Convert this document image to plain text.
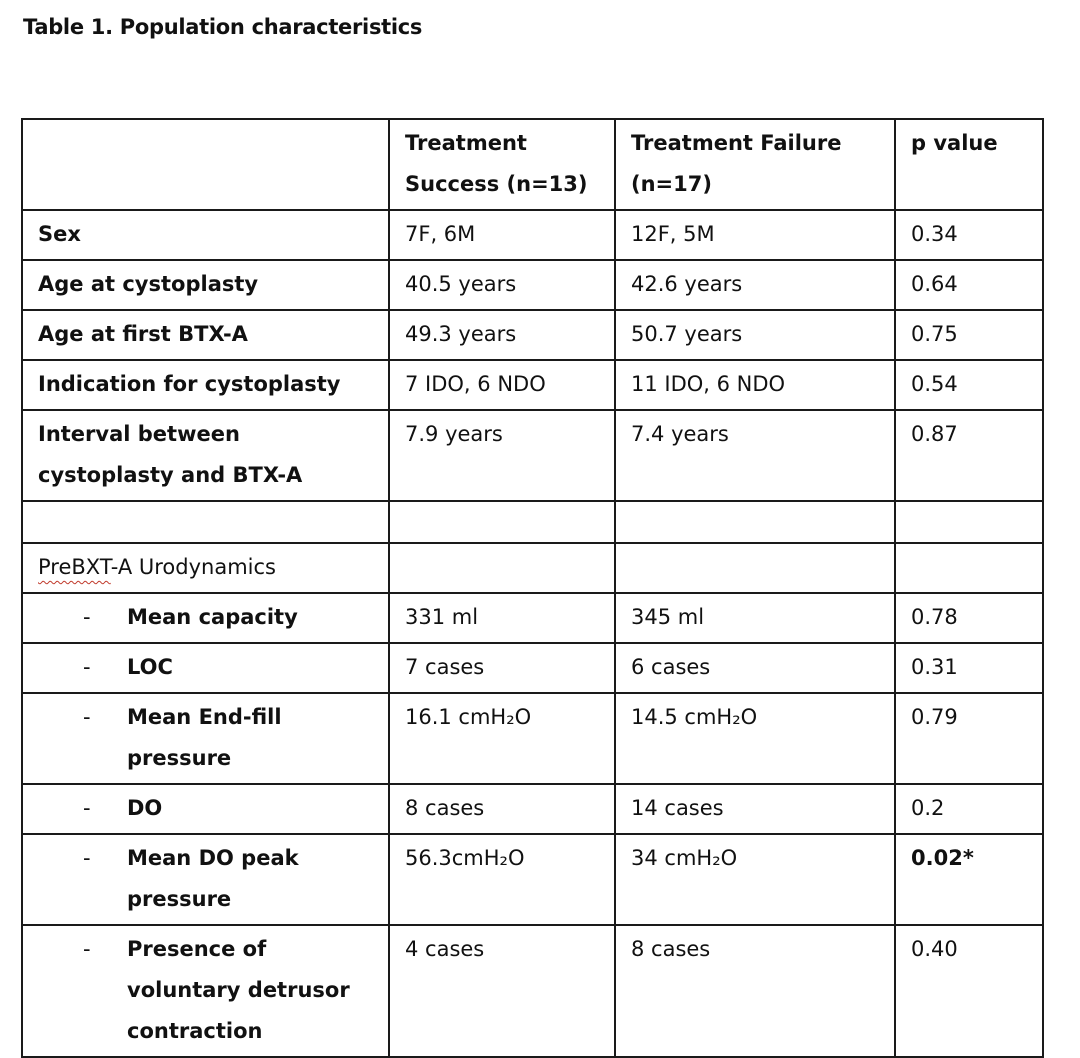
Table 1. Population characteristics
	Treatment Success (n=13)	Treatment Failure (n=17)	p value
Sex	7F, 6M	12F, 5M	0.34
Age at cystoplasty	40.5 years	42.6 years	0.64
Age at first BTX-A	49.3 years	50.7 years	0.75
Indication for cystoplasty	7 IDO, 6 NDO	11 IDO, 6 NDO	0.54
Interval between cystoplasty and BTX-A	7.9 years	7.4 years	0.87

PreBXT-A Urodynamics			

- Mean capacity	331 ml	345 ml	0.78

- LOC	7 cases	6 cases	0.31

- Mean End-fill pressure	16.1 cmH₂O	14.5 cmH₂O	0.79

- DO	8 cases	14 cases	0.2

- Mean DO peak pressure	56.3cmH₂O	34 cmH₂O	0.02*

- Presence of voluntary detrusor contraction	4 cases	8 cases	0.40
